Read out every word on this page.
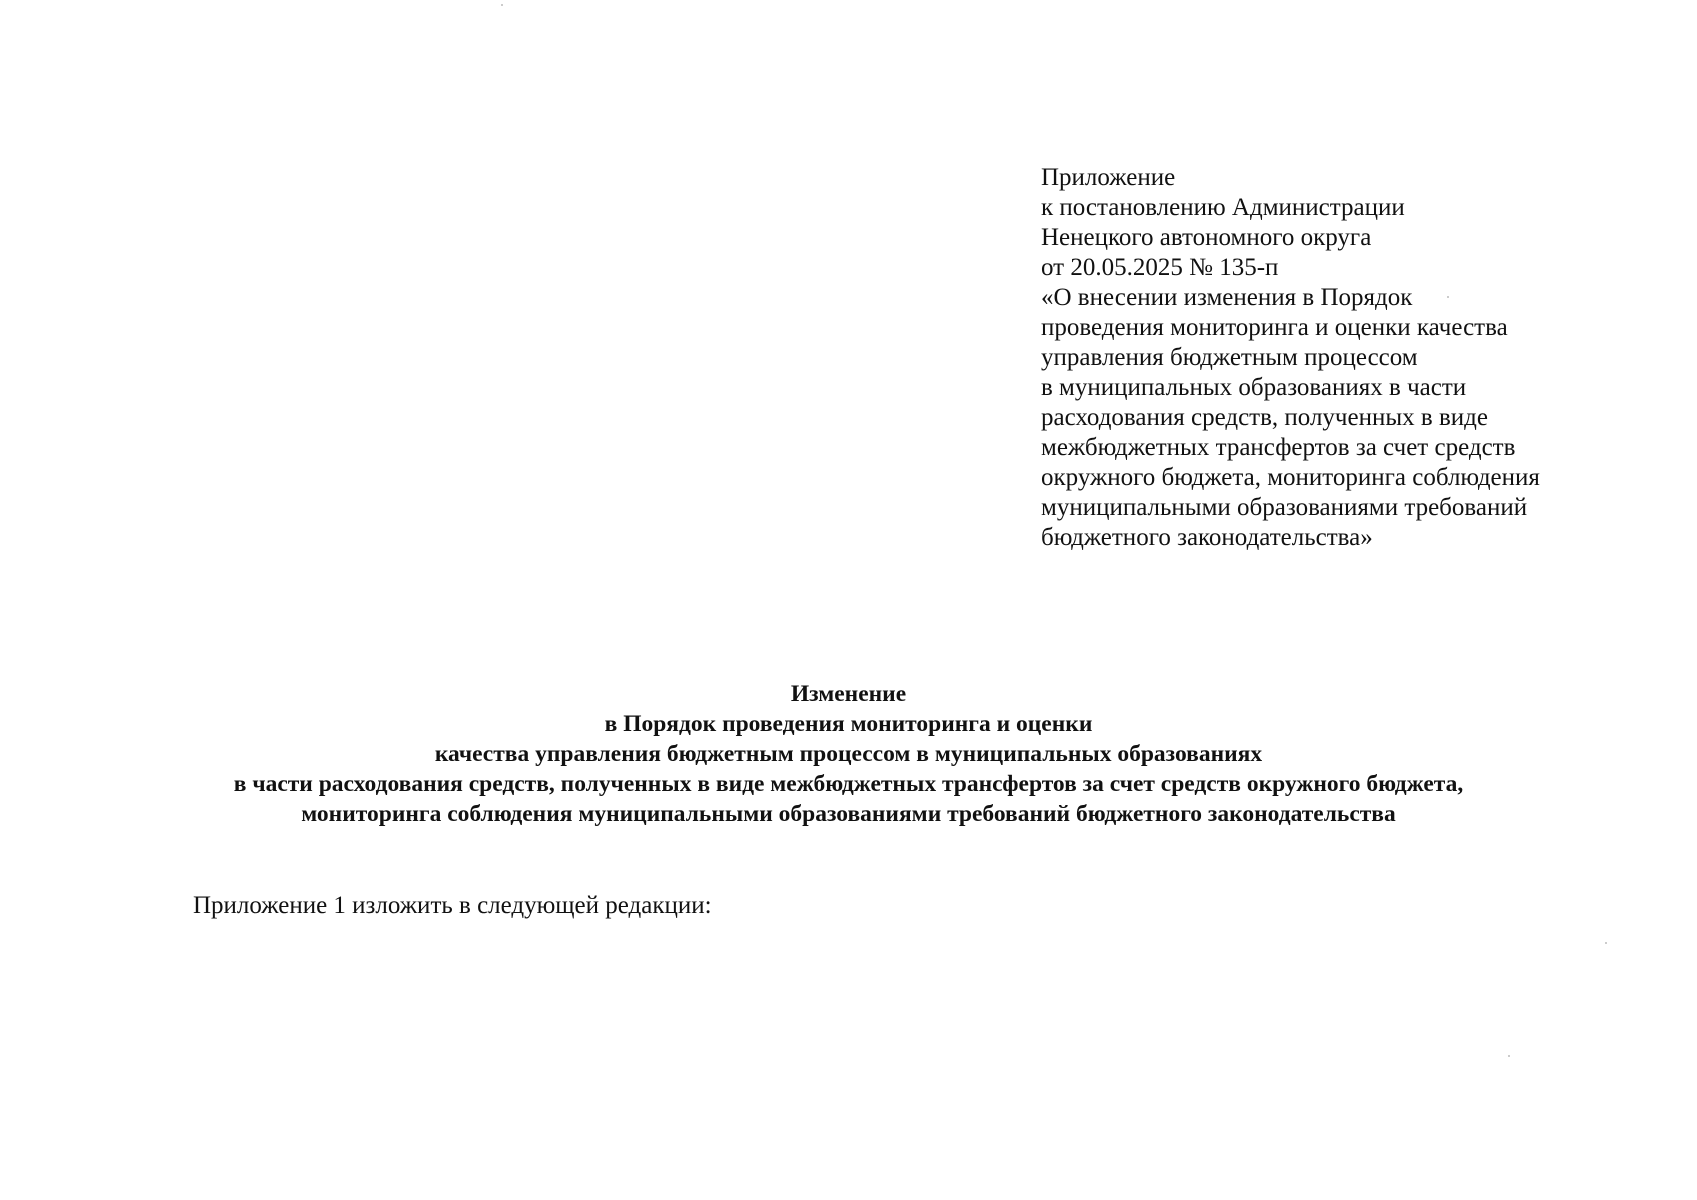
Приложение
к постановлению Администрации
Ненецкого автономного округа
от 20.05.2025 № 135-п
«О внесении изменения в Порядок
проведения мониторинга и оценки качества
управления бюджетным процессом
в муниципальных образованиях в части
расходования средств, полученных в виде
межбюджетных трансфертов за счет средств
окружного бюджета, мониторинга соблюдения
муниципальными образованиями требований
бюджетного законодательства»
Изменение
в Порядок проведения мониторинга и оценки
качества управления бюджетным процессом в муниципальных образованиях
в части расходования средств, полученных в виде межбюджетных трансфертов за счет средств окружного бюджета,
мониторинга соблюдения муниципальными образованиями требований бюджетного законодательства
Приложение 1 изложить в следующей редакции:
